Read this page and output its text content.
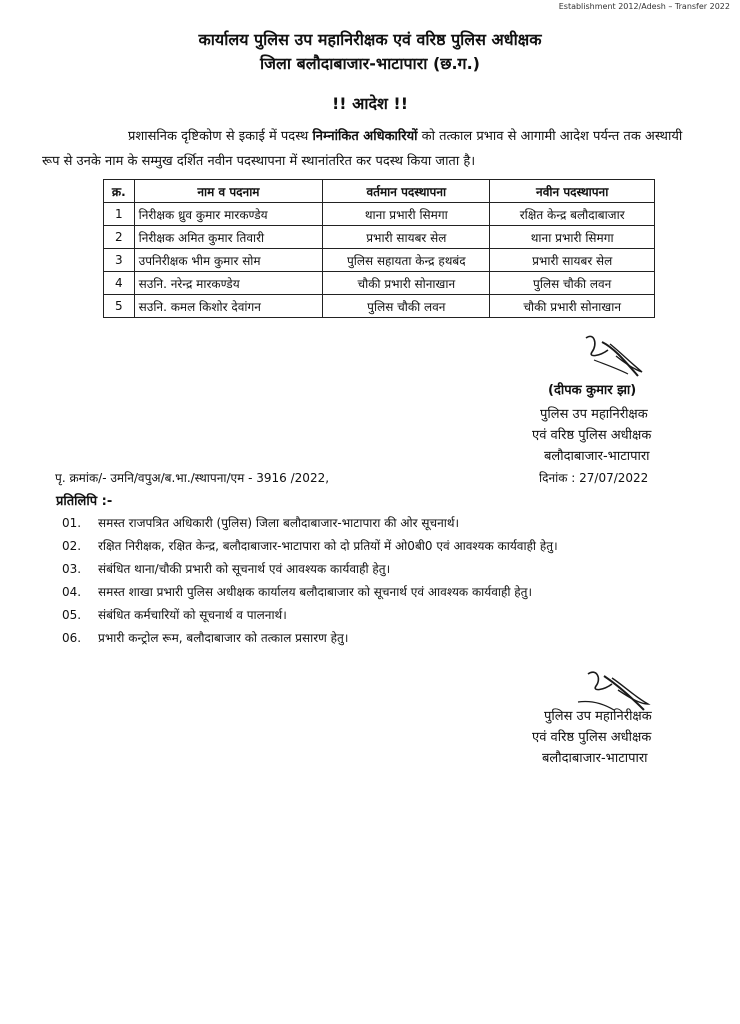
Establishment 2012/Adesh – Transfer 2022
कार्यालय पुलिस उप महानिरीक्षक एवं वरिष्ठ पुलिस अधीक्षक
जिला बलौदाबाजार-भाटापारा (छ.ग.)
!! आदेश !!
प्रशासनिक दृष्टिकोण से इकाई में पदस्थ निम्नांकित अधिकारियों को तत्काल प्रभाव से आगामी आदेश पर्यन्त तक अस्थायी रूप से उनके नाम के सम्मुख दर्शित नवीन पदस्थापना में स्थानांतरित कर पदस्थ किया जाता है।
क्र.	नाम व पदनाम	वर्तमान पदस्थापना	नवीन पदस्थापना
1	निरीक्षक ध्रुव कुमार मारकण्डेय	थाना प्रभारी सिमगा	रक्षित केन्द्र बलौदाबाजार
2	निरीक्षक अमित कुमार तिवारी	प्रभारी सायबर सेल	थाना प्रभारी सिमगा
3	उपनिरीक्षक भीम कुमार सोम	पुलिस सहायता केन्द्र हथबंद	प्रभारी सायबर सेल
4	सउनि. नरेन्द्र मारकण्डेय	चौकी प्रभारी सोनाखान	पुलिस चौकी लवन
5	सउनि. कमल किशोर देवांगन	पुलिस चौकी लवन	चौकी प्रभारी सोनाखान
(दीपक कुमार झा)
पुलिस उप महानिरीक्षक
एवं वरिष्ठ पुलिस अधीक्षक
बलौदाबाजार-भाटापारा
पृ. क्रमांक/- उमनि/वपुअ/ब.भा./स्थापना/एम - 3916 /2022,	दिनांक : 27/07/2022
प्रतिलिपि :-
01. समस्त राजपत्रित अधिकारी (पुलिस) जिला बलौदाबाजार-भाटापारा की ओर सूचनार्थ।
02. रक्षित निरीक्षक, रक्षित केन्द्र, बलौदाबाजार-भाटापारा को दो प्रतियों में ओ0बी0 एवं आवश्यक कार्यवाही हेतु।
03. संबंधित थाना/चौकी प्रभारी को सूचनार्थ एवं आवश्यक कार्यवाही हेतु।
04. समस्त शाखा प्रभारी पुलिस अधीक्षक कार्यालय बलौदाबाजार को सूचनार्थ एवं आवश्यक कार्यवाही हेतु।
05. संबंधित कर्मचारियों को सूचनार्थ व पालनार्थ।
06. प्रभारी कन्ट्रोल रूम, बलौदाबाजार को तत्काल प्रसारण हेतु।
पुलिस उप महानिरीक्षक
एवं वरिष्ठ पुलिस अधीक्षक
बलौदाबाजार-भाटापारा
